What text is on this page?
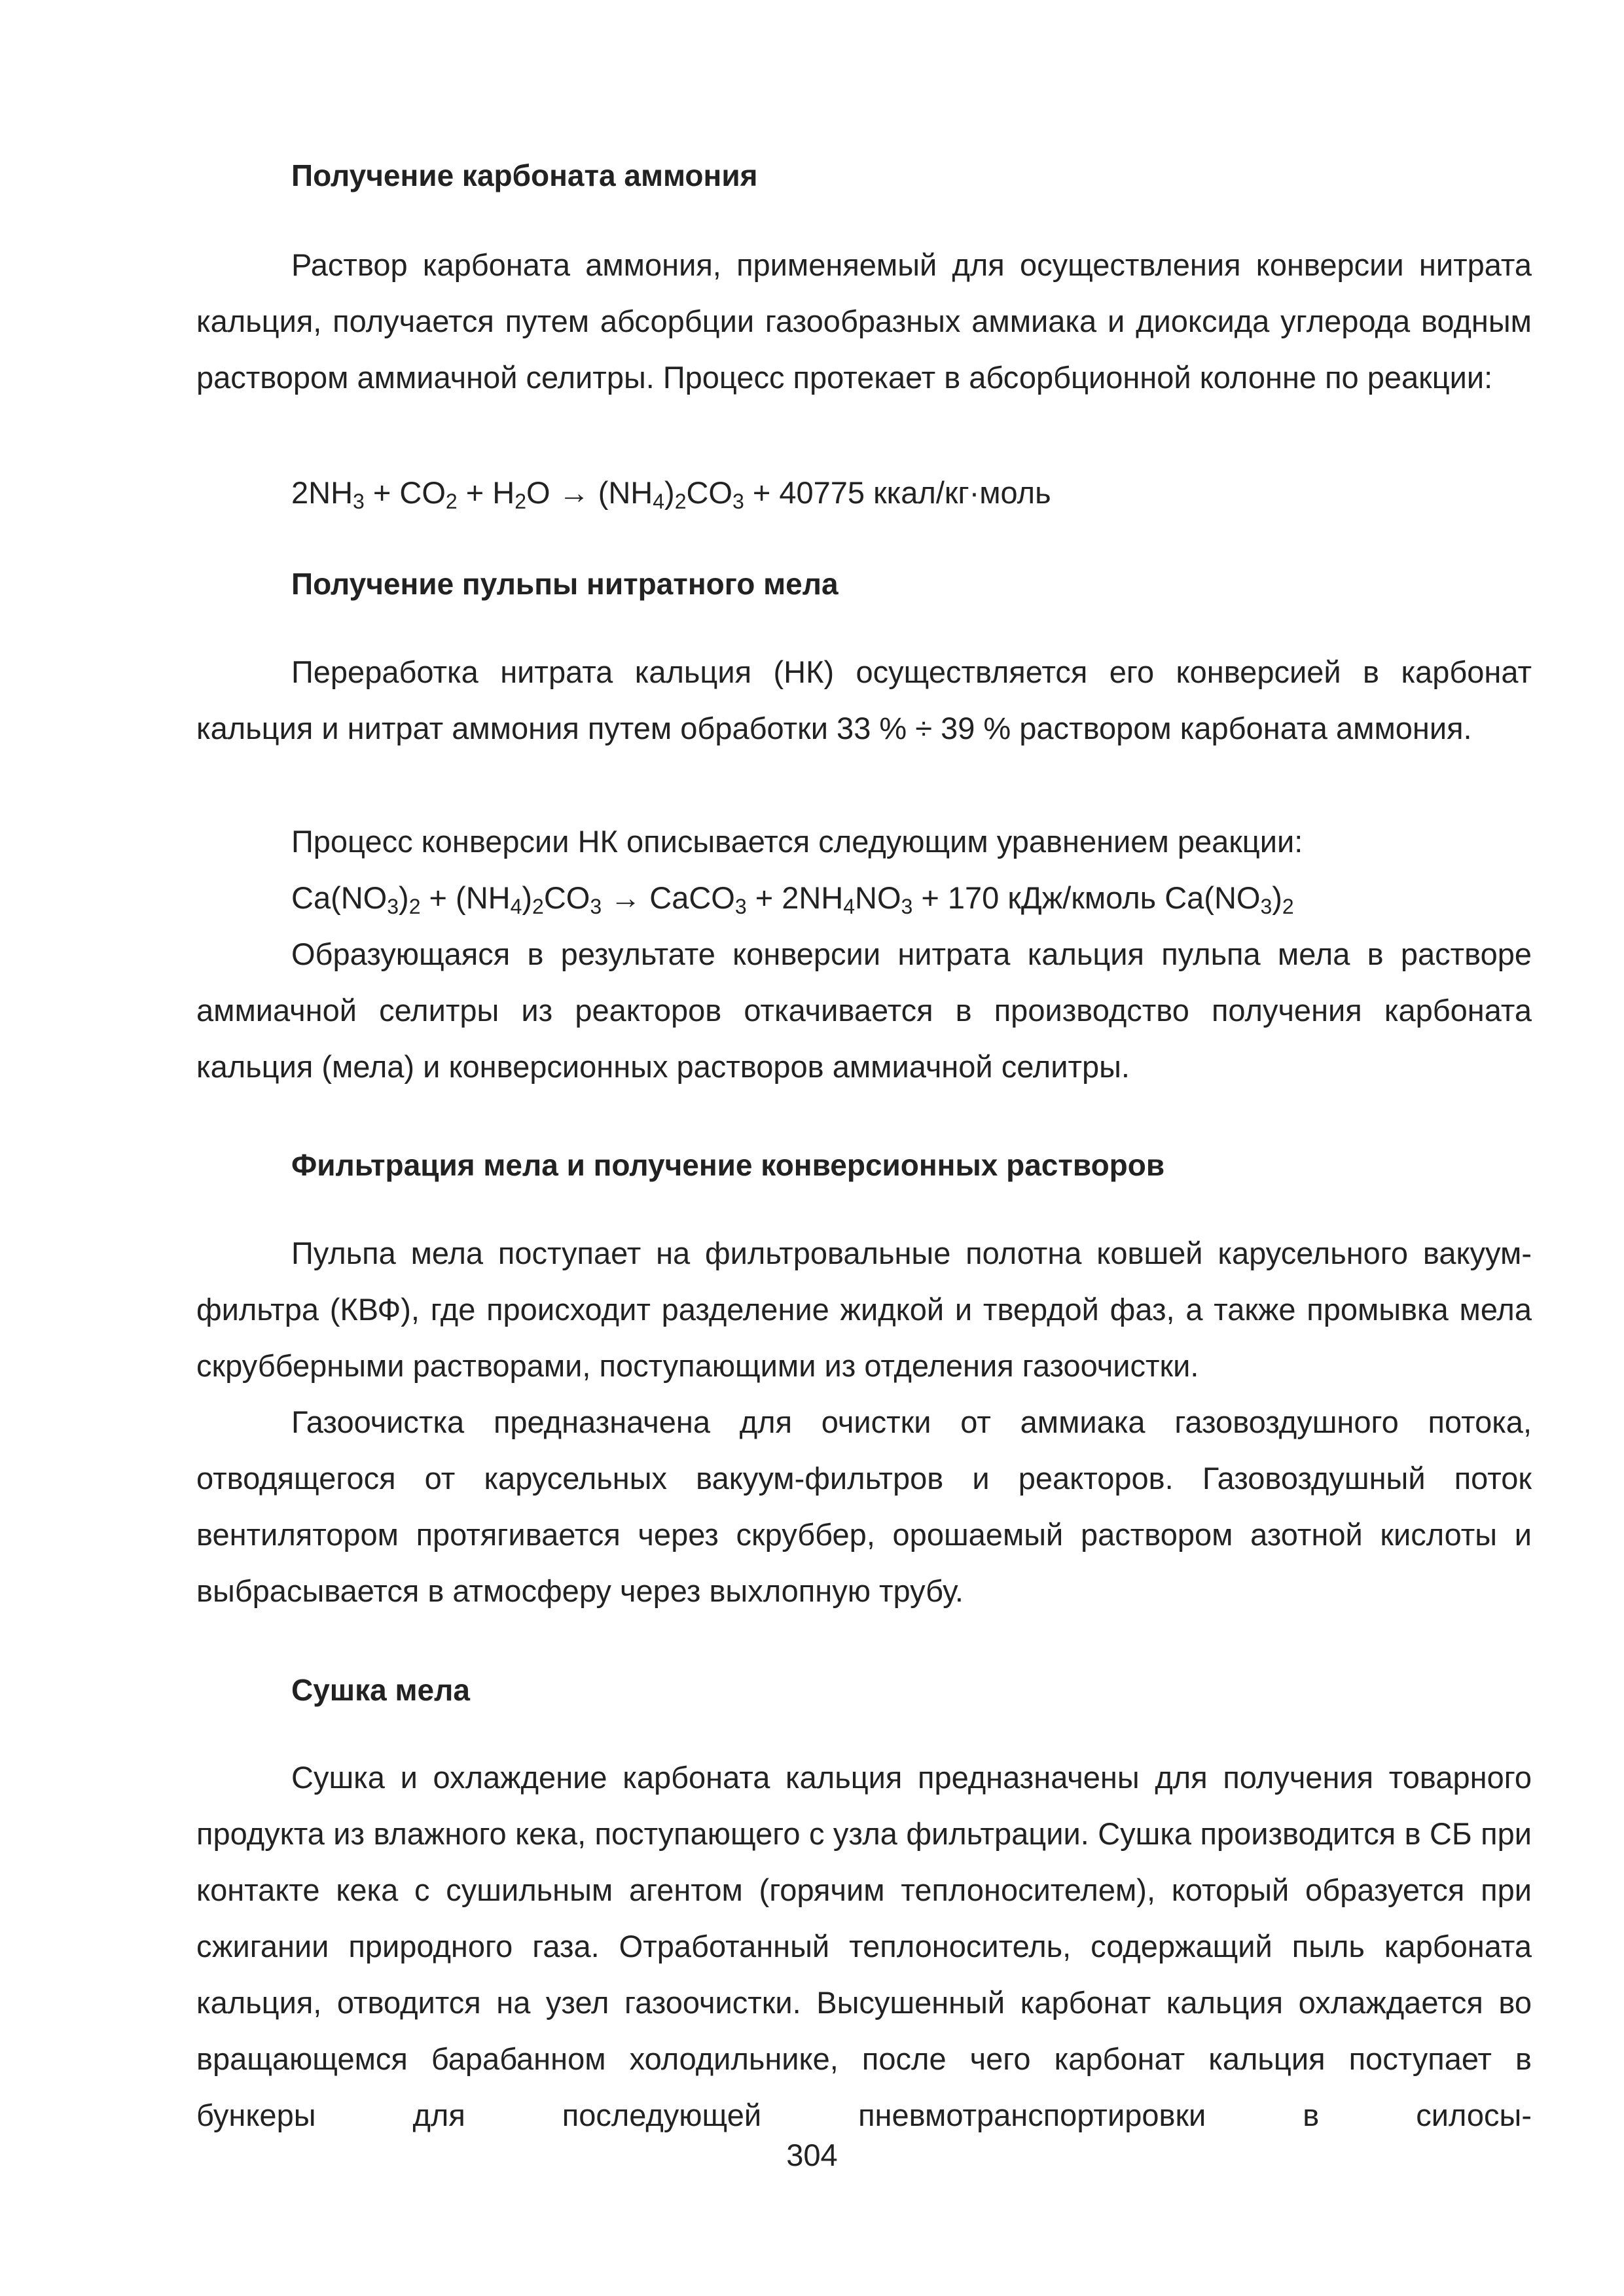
Получение карбоната аммония
Раствор карбоната аммония, применяемый для осуществления конверсии нитрата кальция, получается путем абсорбции газообразных аммиака и диоксида углерода водным раствором аммиачной селитры. Процесс протекает в абсорбционной колонне по реакции:
$2NH_3 + CO_2 + H_2O \to (NH_4)_2CO_3 + 40775$ ккал/кг·моль
Получение пульпы нитратного мела
Переработка нитрата кальция (НК) осуществляется его конверсией в карбонат кальция и нитрат аммония путем обработки 33 % ÷ 39 % раствором карбоната аммония.
Процесс конверсии НК описывается следующим уравнением реакции:
$Ca(NO_3)_2 + (NH_4)_2CO_3$ → CaCO$_3$ + $2NH_4NO_3 + 170$ кДж/кмоль $Ca(NO_3)_2$
Образующаяся в результате конверсии нитрата кальция пульпа мела в растворе аммиачной селитры из реакторов откачивается в производство получения карбоната кальция (мела) и конверсионных растворов аммиачной селитры.
Фильтрация мела и получение конверсионных растворов
Пульпа мела поступает на фильтровальные полотна ковшей карусельного вакуум-фильтра (КВФ), где происходит разделение жидкой и твердой фаз, а также промывка мела скрубберными растворами, поступающими из отделения газоочистки.
Газоочистка предназначена для очистки от аммиака газовоздушного потока, отводящегося от карусельных вакуум-фильтров и реакторов. Газовоздушный поток вентилятором протягивается через скруббер, орошаемый раствором азотной кислоты и выбрасывается в атмосферу через выхлопную трубу.
Сушка мела
Сушка и охлаждение карбоната кальция предназначены для получения товарного продукта из влажного кека, поступающего с узла фильтрации. Сушка производится в СБ при контакте кека с сушильным агентом (горячим теплоносителем), который образуется при сжигании природного газа. Отработанный теплоноситель, содержащий пыль карбоната кальция, отводится на узел газоочистки. Высушенный карбонат кальция охлаждается во вращающемся барабанном холодильнике, после чего карбонат кальция поступает в бункеры для последующей пневмотранспортировки в силосы-
304
